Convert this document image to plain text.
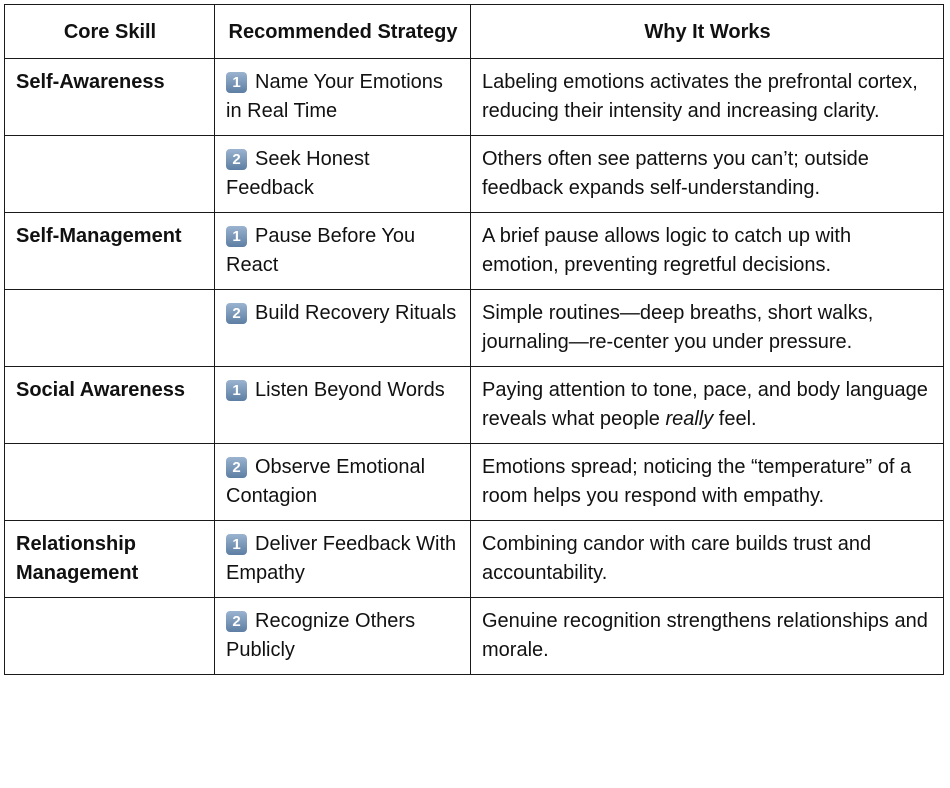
Core Skill	Recommended Strategy	Why It Works
Self-Awareness	1 Name Your Emotions in Real Time	Labeling emotions activates the prefrontal cortex, reducing their intensity and increasing clarity.
	2 Seek Honest Feedback	Others often see patterns you can’t; outside feedback expands self-understanding.
Self-Management	1 Pause Before You React	A brief pause allows logic to catch up with emotion, preventing regretful decisions.
	2 Build Recovery Rituals	Simple routines—deep breaths, short walks, journaling—re-center you under pressure.
Social Awareness	1 Listen Beyond Words	Paying attention to tone, pace, and body language reveals what people really feel.
	2 Observe Emotional Contagion	Emotions spread; noticing the “temperature” of a room helps you respond with empathy.
Relationship Management	1 Deliver Feedback With Empathy	Combining candor with care builds trust and accountability.
	2 Recognize Others Publicly	Genuine recognition strengthens relationships and morale.
